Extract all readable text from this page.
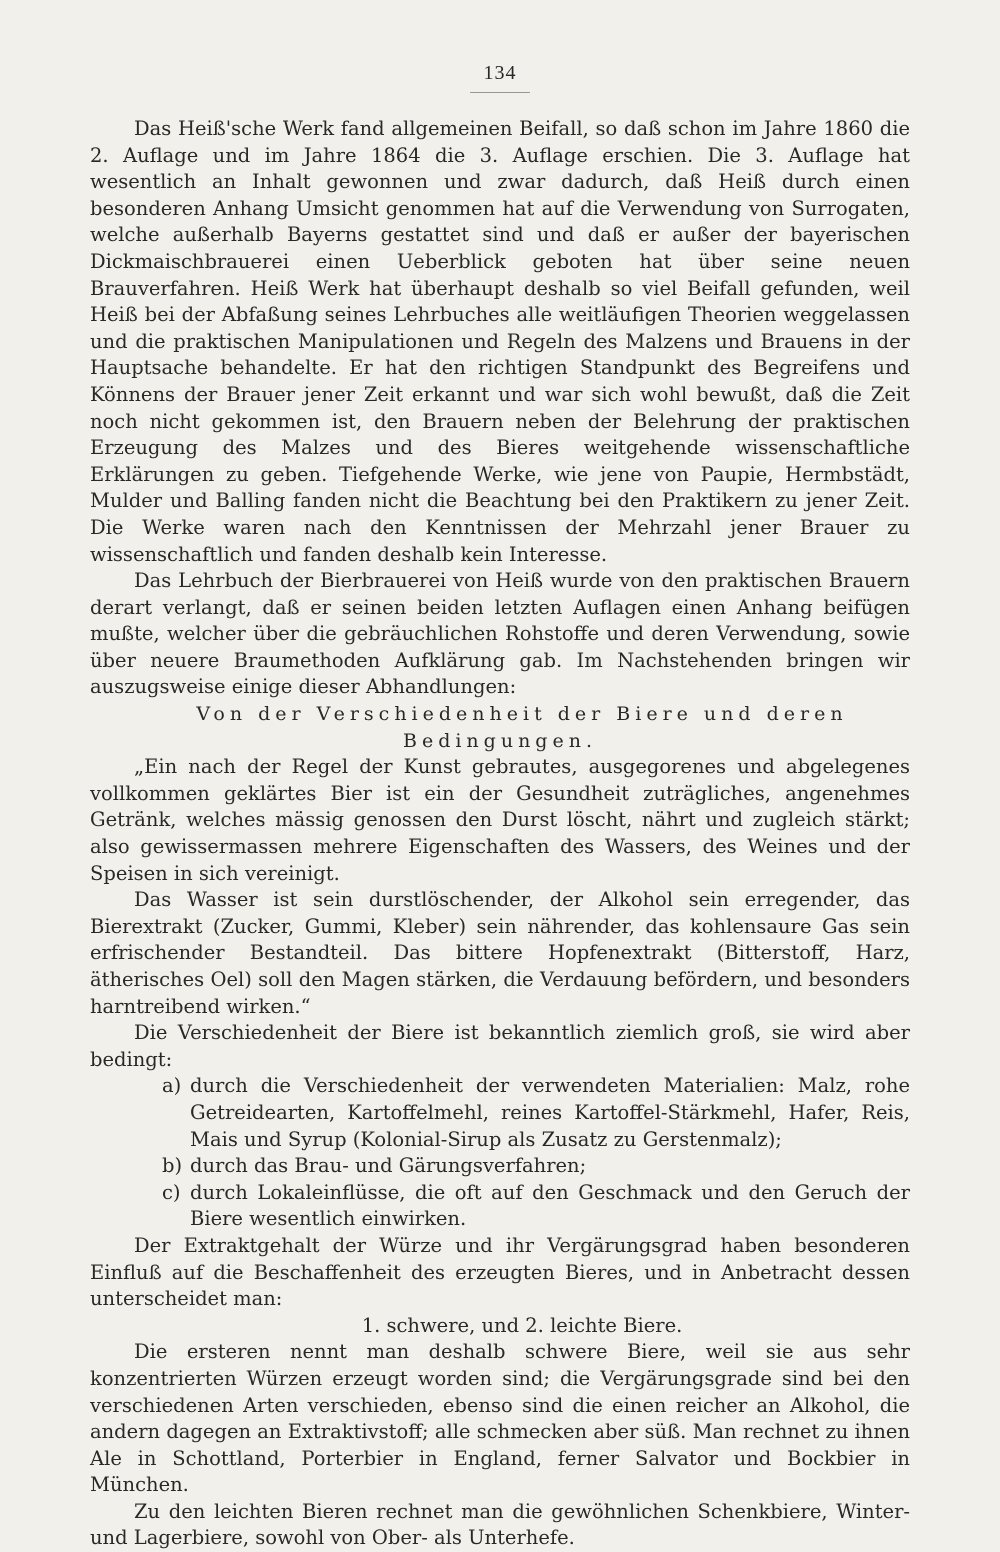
134

Das Heiß'sche Werk fand allgemeinen Beifall, so daß schon im Jahre 1860 die 2. Auflage und im Jahre 1864 die 3. Auflage erschien. Die 3. Auflage hat wesentlich an Inhalt gewonnen und zwar dadurch, daß Heiß durch einen besonderen Anhang Umsicht genommen hat auf die Verwendung von Surrogaten, welche außerhalb Bayerns gestattet sind und daß er außer der bayerischen Dickmaischbrauerei einen Ueberblick geboten hat über seine neuen Brauverfahren. Heiß Werk hat überhaupt deshalb so viel Beifall gefunden, weil Heiß bei der Abfaßung seines Lehrbuches alle weitläufigen Theorien weggelassen und die praktischen Manipulationen und Regeln des Malzens und Brauens in der Hauptsache behandelte. Er hat den richtigen Standpunkt des Begreifens und Könnens der Brauer jener Zeit erkannt und war sich wohl bewußt, daß die Zeit noch nicht gekommen ist, den Brauern neben der Belehrung der praktischen Erzeugung des Malzes und des Bieres weitgehende wissenschaftliche Erklärungen zu geben. Tiefgehende Werke, wie jene von Paupie, Hermbstädt, Mulder und Balling fanden nicht die Beachtung bei den Praktikern zu jener Zeit. Die Werke waren nach den Kenntnissen der Mehrzahl jener Brauer zu wissenschaftlich und fanden deshalb kein Interesse.

Das Lehrbuch der Bierbrauerei von Heiß wurde von den praktischen Brauern derart verlangt, daß er seinen beiden letzten Auflagen einen Anhang beifügen mußte, welcher über die gebräuchlichen Rohstoffe und deren Verwendung, sowie über neuere Braumethoden Aufklärung gab. Im Nachstehenden bringen wir auszugsweise einige dieser Abhandlungen:

Von der Verschiedenheit der Biere und deren Bedingungen.

„Ein nach der Regel der Kunst gebrautes, ausgegorenes und abgelegenes vollkommen geklärtes Bier ist ein der Gesundheit zuträgliches, angenehmes Getränk, welches mässig genossen den Durst löscht, nährt und zugleich stärkt; also gewissermassen mehrere Eigenschaften des Wassers, des Weines und der Speisen in sich vereinigt.

Das Wasser ist sein durstlöschender, der Alkohol sein erregender, das Bierextrakt (Zucker, Gummi, Kleber) sein nährender, das kohlensaure Gas sein erfrischender Bestandteil. Das bittere Hopfenextrakt (Bitterstoff, Harz, ätherisches Oel) soll den Magen stärken, die Verdauung befördern, und besonders harntreibend wirken.“

Die Verschiedenheit der Biere ist bekanntlich ziemlich groß, sie wird aber bedingt:

a) durch die Verschiedenheit der verwendeten Materialien: Malz, rohe Getreidearten, Kartoffelmehl, reines Kartoffel-Stärkmehl, Hafer, Reis, Mais und Syrup (Kolonial-Sirup als Zusatz zu Gerstenmalz);
b) durch das Brau- und Gärungsverfahren;
c) durch Lokaleinflüsse, die oft auf den Geschmack und den Geruch der Biere wesentlich einwirken.

Der Extraktgehalt der Würze und ihr Vergärungsgrad haben besonderen Einfluß auf die Beschaffenheit des erzeugten Bieres, und in Anbetracht dessen unterscheidet man:

1. schwere, und 2. leichte Biere.

Die ersteren nennt man deshalb schwere Biere, weil sie aus sehr konzentrierten Würzen erzeugt worden sind; die Vergärungsgrade sind bei den verschiedenen Arten verschieden, ebenso sind die einen reicher an Alkohol, die andern dagegen an Extraktivstoff; alle schmecken aber süß. Man rechnet zu ihnen Ale in Schottland, Porterbier in England, ferner Salvator und Bockbier in München.

Zu den leichten Bieren rechnet man die gewöhnlichen Schenkbiere, Winter- und Lagerbiere, sowohl von Ober- als Unterhefe.
